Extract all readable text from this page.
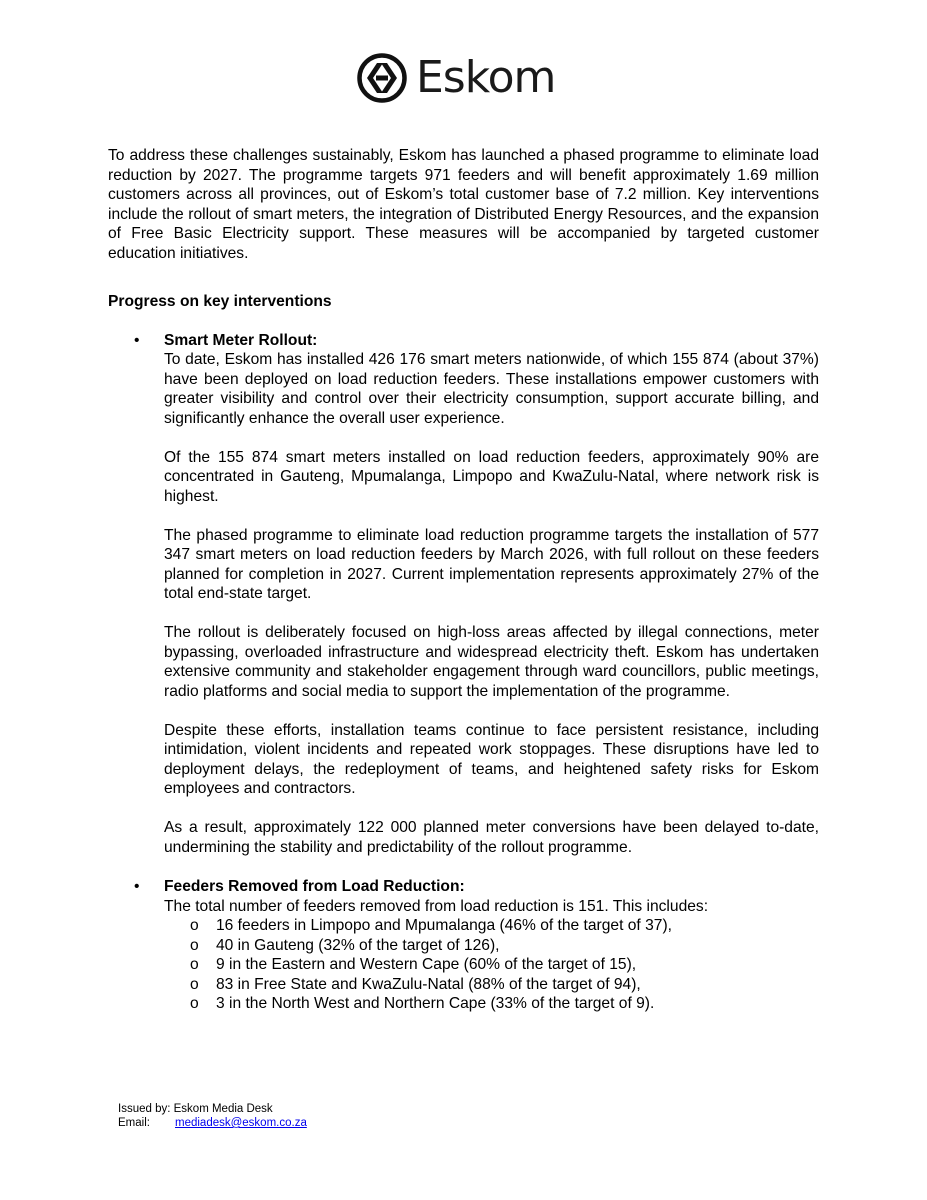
Eskom

To address these challenges sustainably, Eskom has launched a phased programme to eliminate load reduction by 2027. The programme targets 971 feeders and will benefit approximately 1.69 million customers across all provinces, out of Eskom’s total customer base of 7.2 million. Key interventions include the rollout of smart meters, the integration of Distributed Energy Resources, and the expansion of Free Basic Electricity support. These measures will be accompanied by targeted customer education initiatives.

Progress on key interventions

• Smart Meter Rollout:

To date, Eskom has installed 426 176 smart meters nationwide, of which 155 874 (about 37%) have been deployed on load reduction feeders. These installations empower customers with greater visibility and control over their electricity consumption, support accurate billing, and significantly enhance the overall user experience.

Of the 155 874 smart meters installed on load reduction feeders, approximately 90% are concentrated in Gauteng, Mpumalanga, Limpopo and KwaZulu-Natal, where network risk is highest.

The phased programme to eliminate load reduction programme targets the installation of 577 347 smart meters on load reduction feeders by March 2026, with full rollout on these feeders planned for completion in 2027. Current implementation represents approximately 27% of the total end-state target.

The rollout is deliberately focused on high-loss areas affected by illegal connections, meter bypassing, overloaded infrastructure and widespread electricity theft. Eskom has undertaken extensive community and stakeholder engagement through ward councillors, public meetings, radio platforms and social media to support the implementation of the programme.

Despite these efforts, installation teams continue to face persistent resistance, including intimidation, violent incidents and repeated work stoppages. These disruptions have led to deployment delays, the redeployment of teams, and heightened safety risks for Eskom employees and contractors.

As a result, approximately 122 000 planned meter conversions have been delayed to-date, undermining the stability and predictability of the rollout programme.

• Feeders Removed from Load Reduction:

The total number of feeders removed from load reduction is 151. This includes:

o 16 feeders in Limpopo and Mpumalanga (46% of the target of 37),
o 40 in Gauteng (32% of the target of 126),
o 9 in the Eastern and Western Cape (60% of the target of 15),
o 83 in Free State and KwaZulu-Natal (88% of the target of 94),
o 3 in the North West and Northern Cape (33% of the target of 9).
Issued by:
Eskom Media Desk
Email:	mediadesk@eskom.co.za
